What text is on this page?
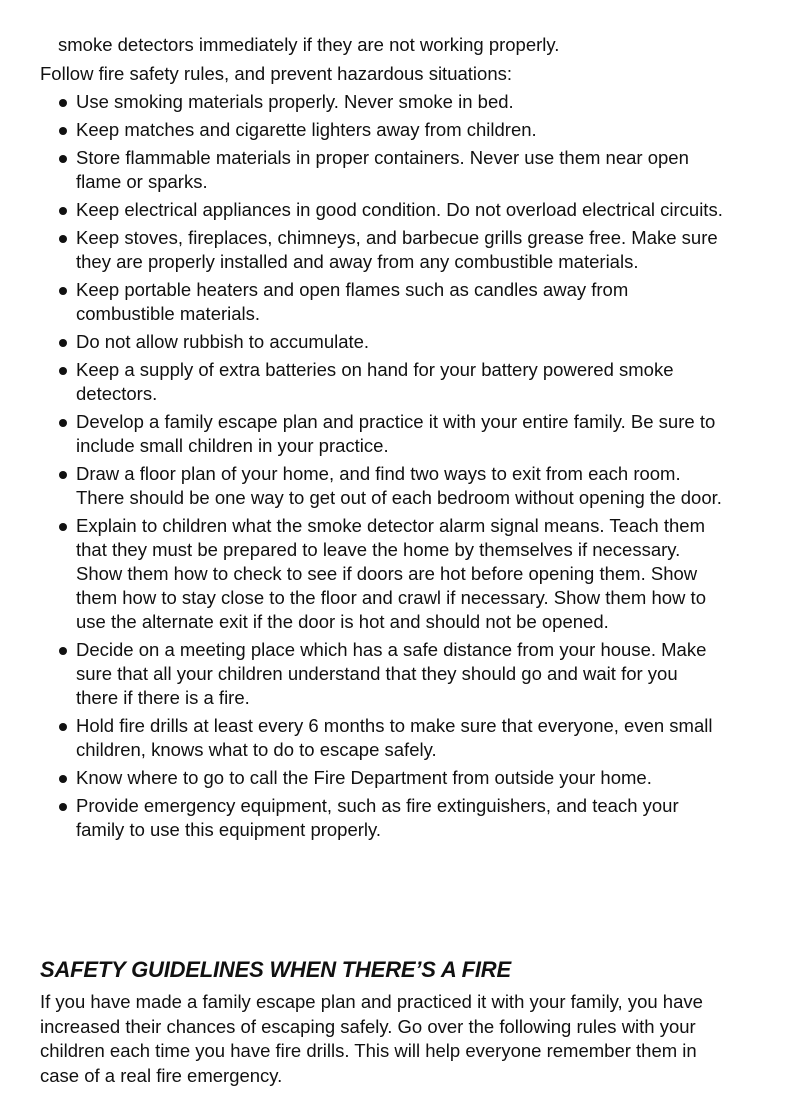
smoke detectors immediately if they are not working properly.
Follow fire safety rules, and prevent hazardous situations:
Use smoking materials properly. Never smoke in bed.
Keep matches and cigarette lighters away from children.
Store flammable materials in proper containers. Never use them near open flame or sparks.
Keep electrical appliances in good condition. Do not overload electrical circuits.
Keep stoves, fireplaces, chimneys, and barbecue grills grease free. Make sure they are properly installed and away from any combustible materials.
Keep portable heaters and open flames such as candles away from combustible materials.
Do not allow rubbish to accumulate.
Keep a supply of extra batteries on hand for your battery powered smoke detectors.
Develop a family escape plan and practice it with your entire family. Be sure to include small children in your practice.
Draw a floor plan of your home, and find two ways to exit from each room. There should be one way to get out of each bedroom without opening the door.
Explain to children what the smoke detector alarm signal means. Teach them that they must be prepared to leave the home by themselves if necessary. Show them how to check to see if doors are hot before opening them. Show them how to stay close to the floor and crawl if necessary. Show them how to use the alternate exit if the door is hot and should not be opened.
Decide on a meeting place which has a safe distance from your house. Make sure that all your children understand that they should go and wait for you there if there is a fire.
Hold fire drills at least every 6 months to make sure that everyone, even small children, knows what to do to escape safely.
Know where to go to call the Fire Department from outside your home.
Provide emergency equipment, such as fire extinguishers, and teach your family to use this equipment properly.
SAFETY GUIDELINES WHEN THERE’S A FIRE
If you have made a family escape plan and practiced it with your family, you have increased their chances of escaping safely. Go over the following rules with your children each time you have fire drills. This will help everyone remember them in case of a real fire emergency.
